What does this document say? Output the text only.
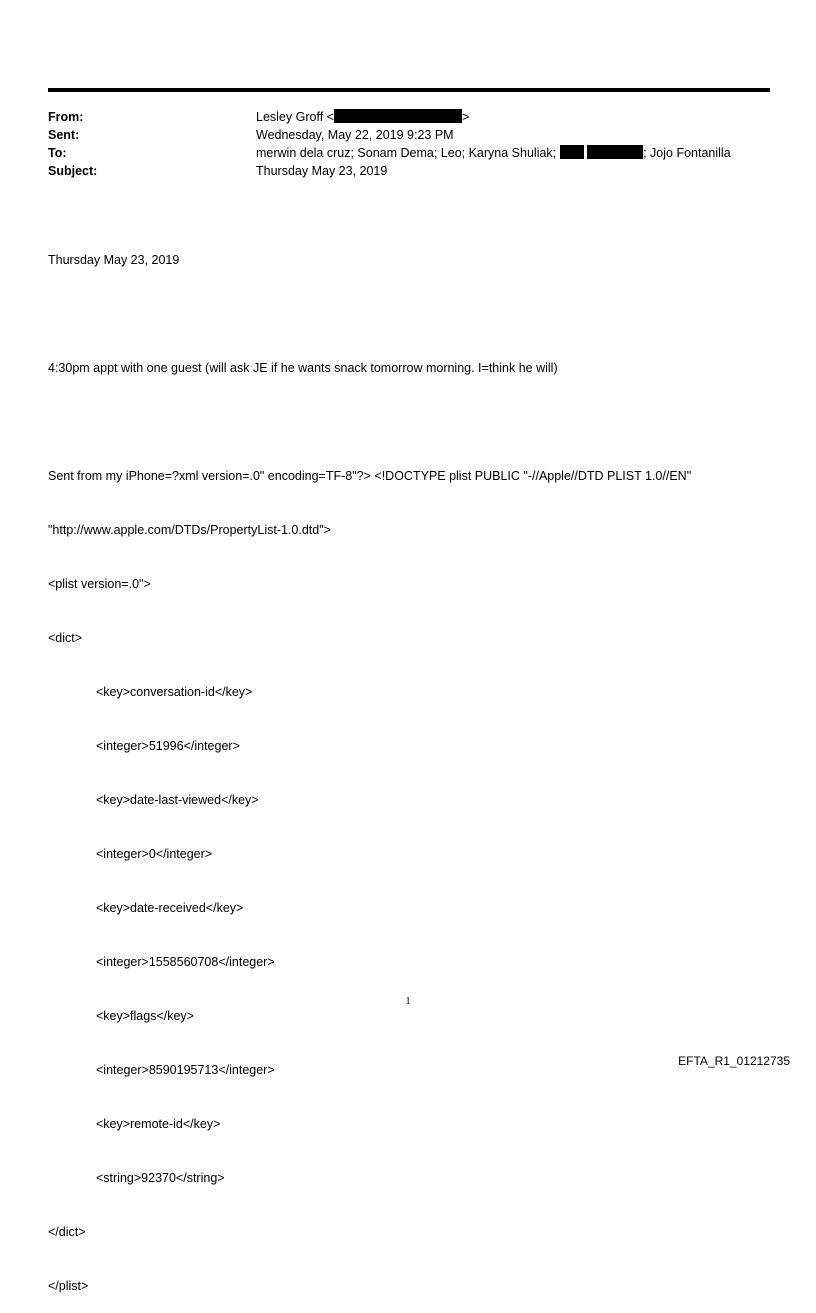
From:	Lesley Groff <	>
Sent:	Wednesday, May 22, 2019 9:23 PM
To:	merwin dela cruz; Sonam Dema; Leo; Karyna Shuliak;	; Jojo Fontanilla
Subject:	Thursday May 23, 2019

Thursday May 23, 2019

4:30pm appt with one guest (will ask JE if he wants snack tomorrow morning. I=think he will)

Sent from my iPhone=?xml version=.0" encoding=TF-8"?> <!DOCTYPE plist PUBLIC "-//Apple//DTD PLIST 1.0//EN"

"http://www.apple.com/DTDs/PropertyList-1.0.dtd">

<plist version=.0">

<dict>

<key>conversation-id</key>

<integer>51996</integer>

<key>date-last-viewed</key>

<integer>0</integer>

<key>date-received</key>

<integer>1558560708</integer>

<key>flags</key>

<integer>8590195713</integer>

<key>remote-id</key>

<string>92370</string>

</dict>

</plist>

1
EFTA_R1_01212735
